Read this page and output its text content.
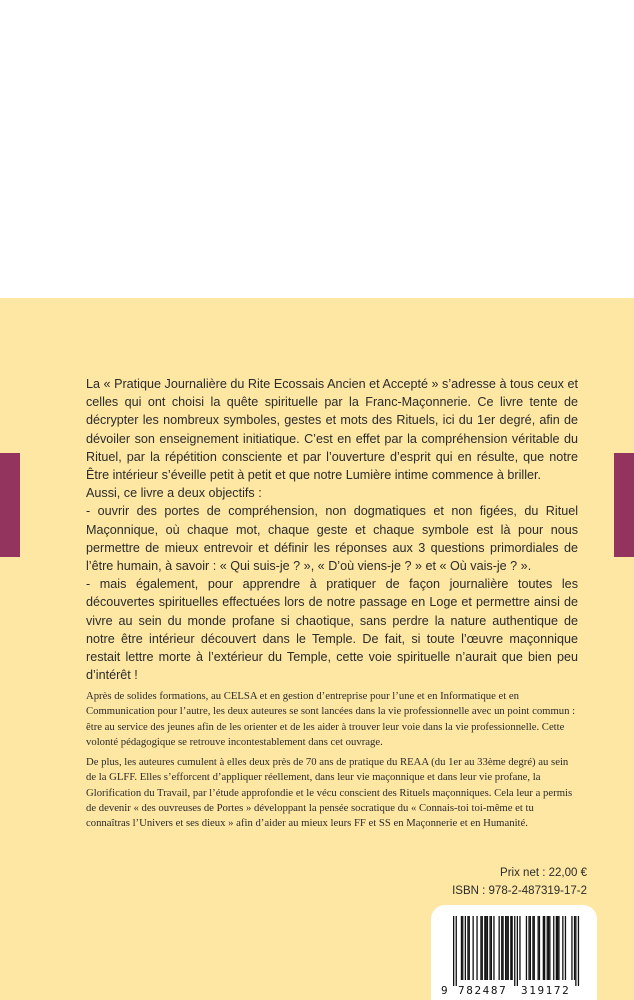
La « Pratique Journalière du Rite Ecossais Ancien et Accepté » s’adresse à tous ceux et celles qui ont choisi la quête spirituelle par la Franc-Maçonnerie. Ce livre tente de décrypter les nombreux symboles, gestes et mots des Rituels, ici du 1er degré, afin de dévoiler son enseignement initiatique. C’est en effet par la compréhension véritable du Rituel, par la répétition consciente et par l’ouverture d’esprit qui en résulte, que notre Être intérieur s’éveille petit à petit et que notre Lumière intime commence à briller.

Aussi, ce livre a deux objectifs :

- ouvrir des portes de compréhension, non dogmatiques et non figées, du Rituel Maçonnique, où chaque mot, chaque geste et chaque symbole est là pour nous permettre de mieux entrevoir et définir les réponses aux 3 questions primordiales de l’être humain, à savoir : « Qui suis-je ? », « D’où viens-je ? » et « Où vais-je ? ».

- mais également, pour apprendre à pratiquer de façon journalière toutes les découvertes spirituelles effectuées lors de notre passage en Loge et permettre ainsi de vivre au sein du monde profane si chaotique, sans perdre la nature authentique de notre être intérieur découvert dans le Temple. De fait, si toute l’œuvre maçonnique restait lettre morte à l’extérieur du Temple, cette voie spirituelle n’aurait que bien peu d’intérêt !

Après de solides formations, au CELSA et en gestion d’entreprise pour l’une et en Informatique et en Communication pour l’autre, les deux auteures se sont lancées dans la vie professionnelle avec un point commun : être au service des jeunes afin de les orienter et de les aider à trouver leur voie dans la vie professionnelle. Cette volonté pédagogique se retrouve incontestablement dans cet ouvrage.

De plus, les auteures cumulent à elles deux près de 70 ans de pratique du REAA (du 1er au 33ème degré) au sein de la GLFF. Elles s’efforcent d’appliquer réellement, dans leur vie maçonnique et dans leur vie profane, la Glorification du Travail, par l’étude approfondie et le vécu conscient des Rituels maçonniques. Cela leur a permis de devenir « des ouvreuses de Portes » développant la pensée socratique du « Connais-toi toi-même et tu connaîtras l’Univers et ses dieux » afin d’aider au mieux leurs FF et SS en Maçonnerie et en Humanité.

Prix net : 22,00 €
ISBN : 978-2-487319-17-2
9 782487 319172
